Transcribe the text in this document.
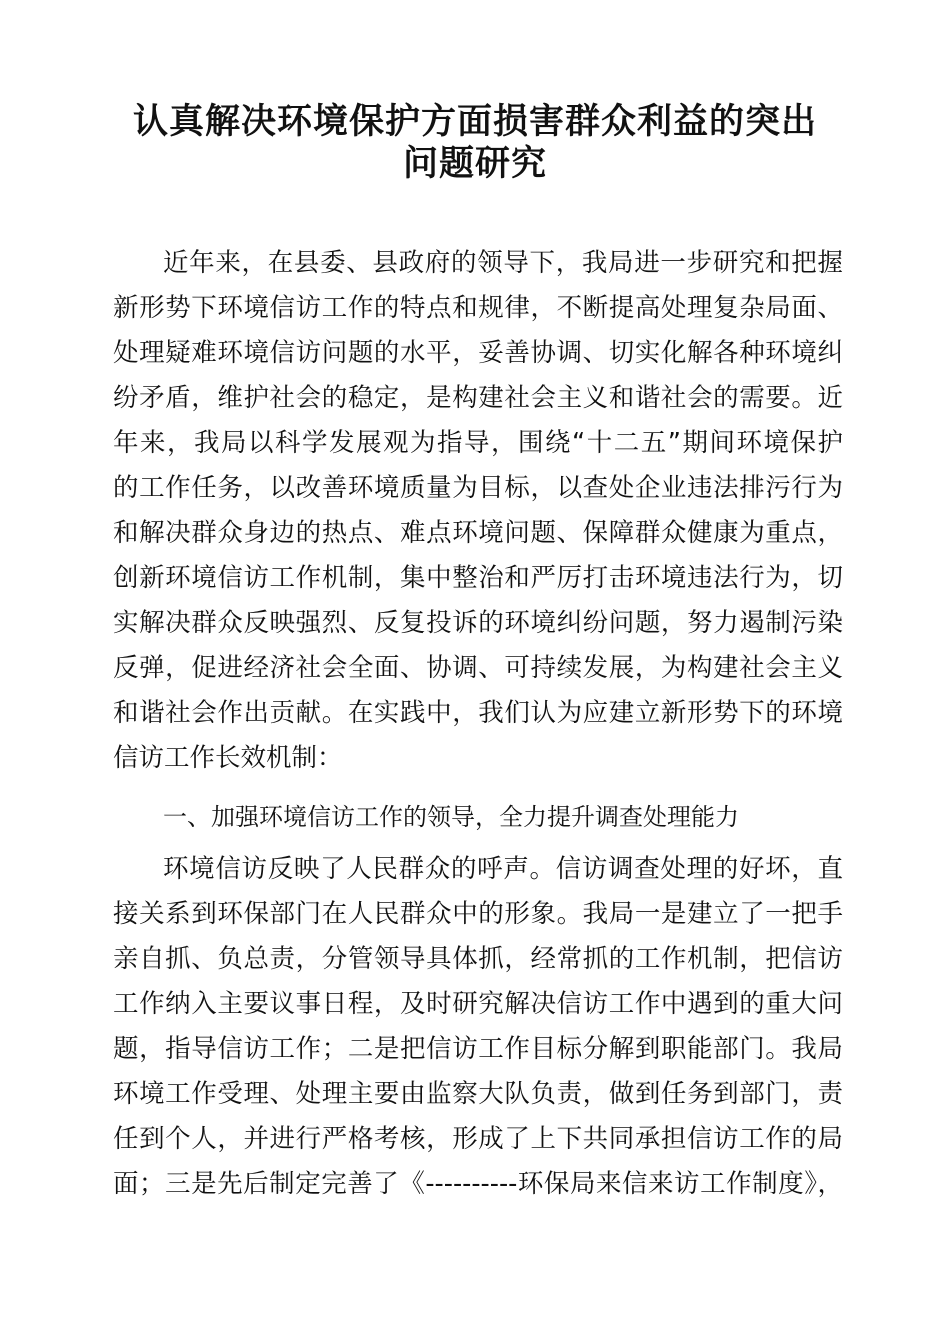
认真解决环境保护方面损害群众利益的突出
问题研究
近年来，在县委、县政府的领导下，我局进一步研究和把握
新形势下环境信访工作的特点和规律，不断提高处理复杂局面、
处理疑难环境信访问题的水平，妥善协调、切实化解各种环境纠
纷矛盾，维护社会的稳定，是构建社会主义和谐社会的需要。近
年来，我局以科学发展观为指导，围绕“十二五”期间环境保护
的工作任务，以改善环境质量为目标，以查处企业违法排污行为
和解决群众身边的热点、难点环境问题、保障群众健康为重点，
创新环境信访工作机制，集中整治和严厉打击环境违法行为，切
实解决群众反映强烈、反复投诉的环境纠纷问题，努力遏制污染
反弹，促进经济社会全面、协调、可持续发展，为构建社会主义
和谐社会作出贡献。在实践中，我们认为应建立新形势下的环境
信访工作长效机制：
一、加强环境信访工作的领导，全力提升调查处理能力
环境信访反映了人民群众的呼声。信访调查处理的好坏，直
接关系到环保部门在人民群众中的形象。我局一是建立了一把手
亲自抓、负总责，分管领导具体抓，经常抓的工作机制，把信访
工作纳入主要议事日程，及时研究解决信访工作中遇到的重大问
题，指导信访工作；二是把信访工作目标分解到职能部门。我局
环境工作受理、处理主要由监察大队负责，做到任务到部门，责
任到个人，并进行严格考核，形成了上下共同承担信访工作的局
面；三是先后制定完善了《----------环保局来信来访工作制度》，
